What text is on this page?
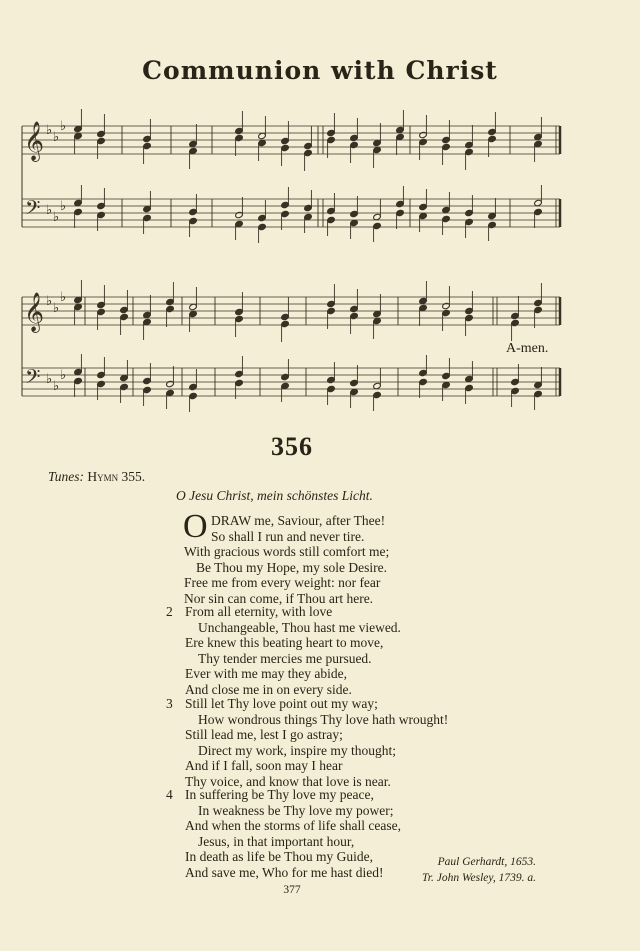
Communion with Christ
𝄞
𝄢
♭ ♭
♭
♭ ♭
♭
𝄞
𝄢
♭ ♭
♭
♭ ♭
♭
A-men.
356
Tunes: Hymn 355.
O Jesu Christ, mein schönstes Licht.
O DRAW me, Saviour, after Thee!
So shall I run and never tire.
With gracious words still comfort me;
Be Thou my Hope, my sole Desire.
Free me from every weight: nor fear
Nor sin can come, if Thou art here.
2 From all eternity, with love
Unchangeable, Thou hast me viewed.
Ere knew this beating heart to move,
Thy tender mercies me pursued.
Ever with me may they abide,
And close me in on every side.
3 Still let Thy love point out my way;
How wondrous things Thy love hath wrought!
Still lead me, lest I go astray;
Direct my work, inspire my thought;
And if I fall, soon may I hear
Thy voice, and know that love is near.
4 In suffering be Thy love my peace,
In weakness be Thy love my power;
And when the storms of life shall cease,
Jesus, in that important hour,
In death as life be Thou my Guide,
And save me, Who for me hast died!
Paul Gerhardt, 1653.
Tr. John Wesley, 1739. a.
377
